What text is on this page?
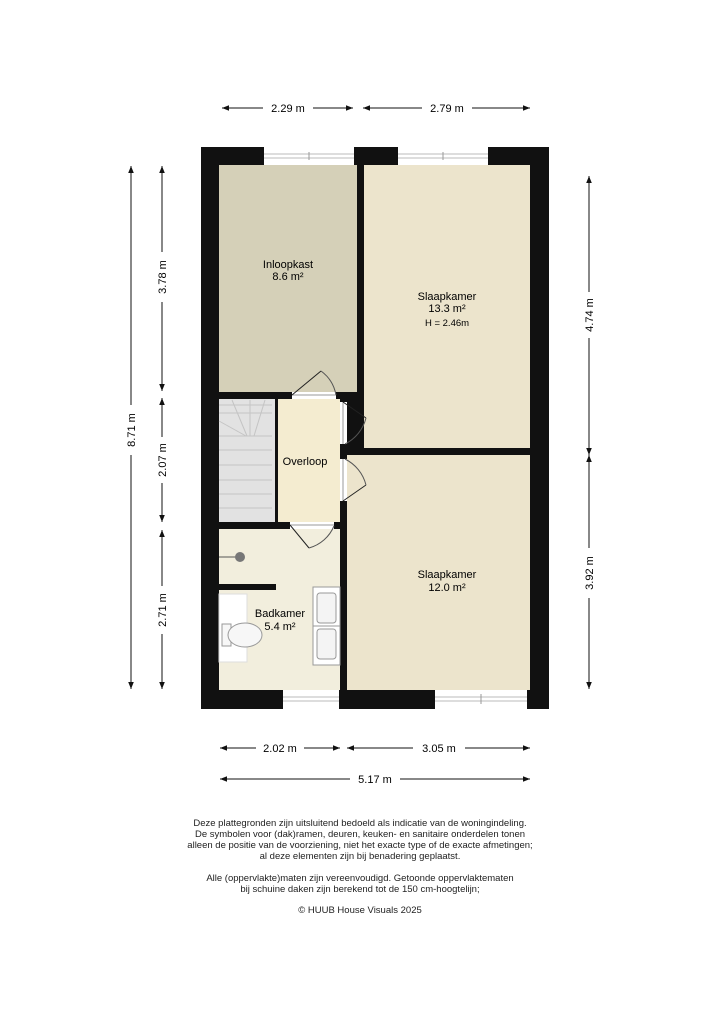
Inloopkast
8.6 m²
Slaapkamer
13.3 m²
H = 2.46m
Overloop
Slaapkamer
12.0 m²
Badkamer
5.4 m²
2.29 m	2.79 m
2.02 m	3.05 m
5.17 m
8.71 m
3.78 m
2.07 m
2.71 m
4.74 m
3.92 m
Deze plattegronden zijn uitsluitend bedoeld als indicatie van de woningindeling.
De symbolen voor (dak)ramen, deuren, keuken- en sanitaire onderdelen tonen
alleen de positie van de voorziening, niet het exacte type of de exacte afmetingen;
al deze elementen zijn bij benadering geplaatst.
Alle (oppervlakte)maten zijn vereenvoudigd. Getoonde oppervlaktematen
bij schuine daken zijn berekend tot de 150 cm-hoogtelijn;
© HUUB House Visuals 2025
